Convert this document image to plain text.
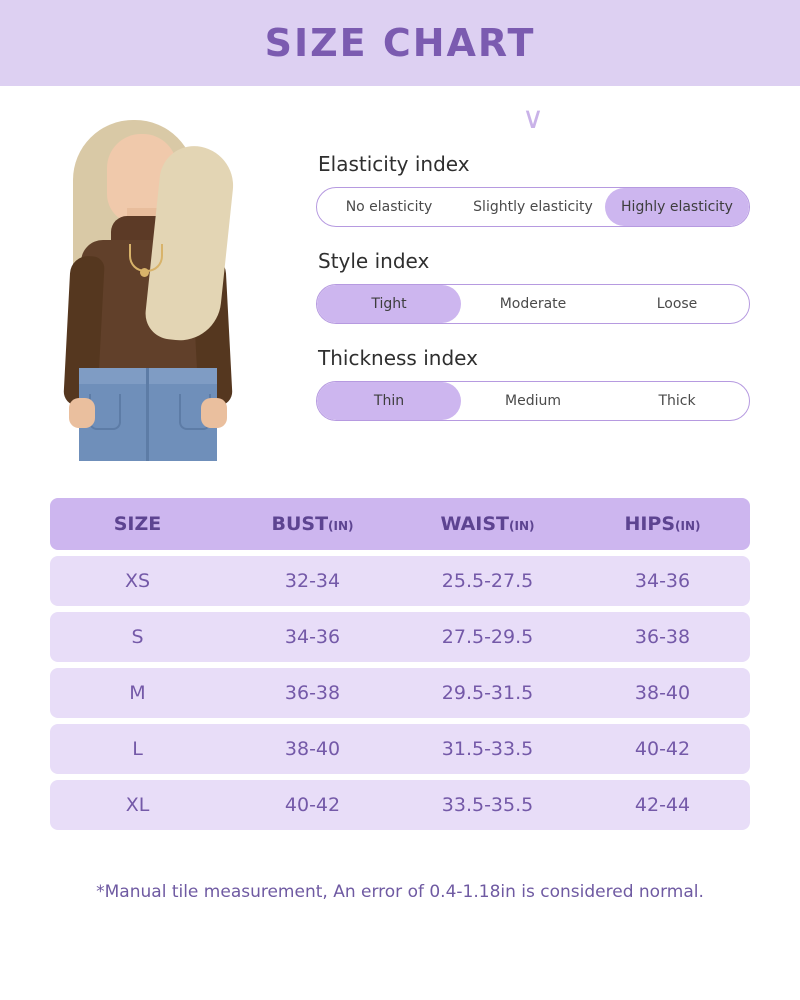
SIZE CHART
∨
Elasticity index
No elasticity	Slightly elasticity	Highly elasticity
Style index
Tight	Moderate	Loose
Thickness index
Thin	Medium	Thick
SIZE	BUST(IN)	WAIST(IN)	HIPS(IN)
XS	32-34	25.5-27.5	34-36
S	34-36	27.5-29.5	36-38
M	36-38	29.5-31.5	38-40
L	38-40	31.5-33.5	40-42
XL	40-42	33.5-35.5	42-44
*Manual tile measurement, An error of 0.4-1.18in is considered normal.
